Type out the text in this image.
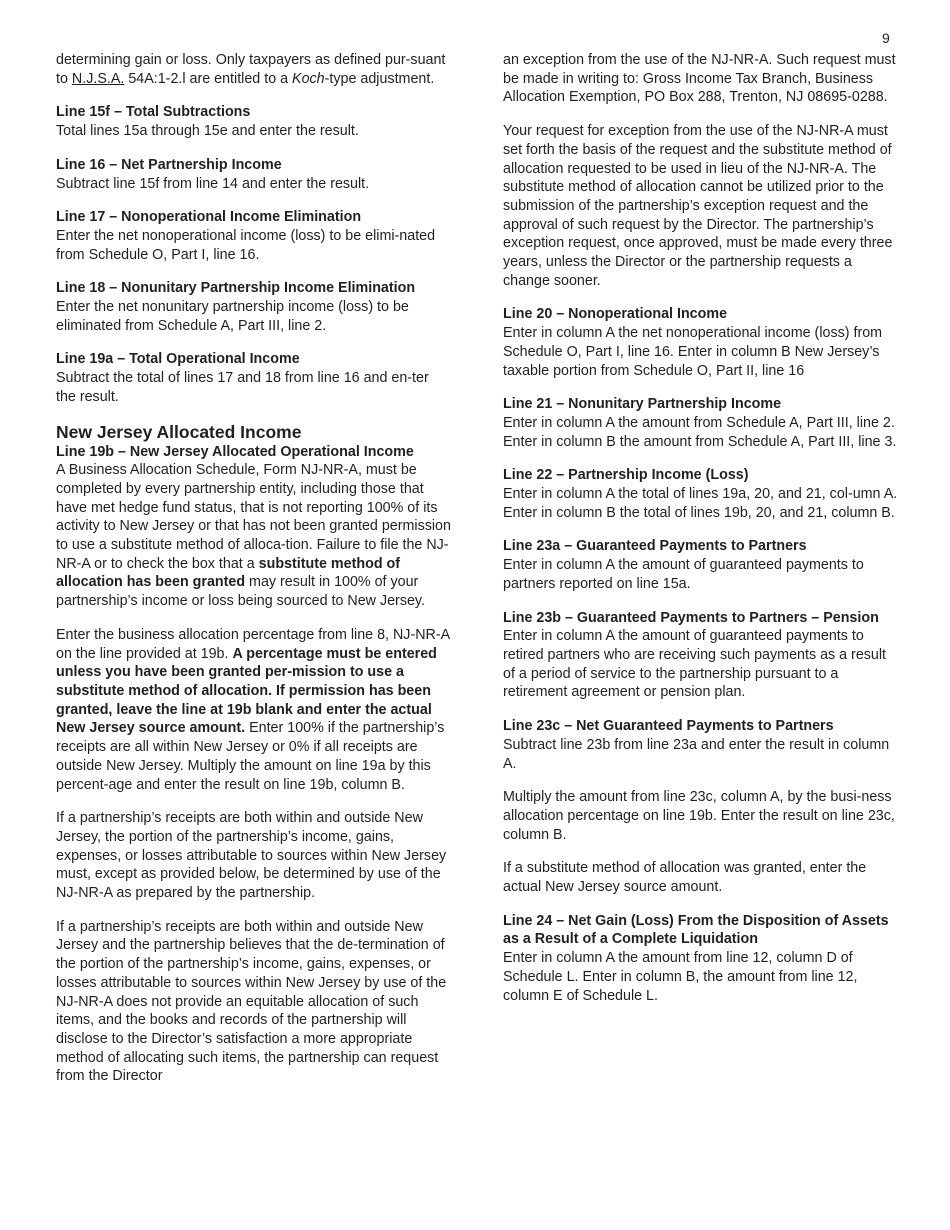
9

determining gain or loss. Only taxpayers as defined pur-suant to N.J.S.A. 54A:1-2.l are entitled to a Koch-type adjustment.

Line 15f – Total Subtractions
Total lines 15a through 15e and enter the result.

Line 16 – Net Partnership Income
Subtract line 15f from line 14 and enter the result.

Line 17 – Nonoperational Income Elimination
Enter the net nonoperational income (loss) to be elimi-nated from Schedule O, Part I, line 16.

Line 18 – Nonunitary Partnership Income Elimination
Enter the net nonunitary partnership income (loss) to be eliminated from Schedule A, Part III, line 2.

Line 19a – Total Operational Income
Subtract the total of lines 17 and 18 from line 16 and en-ter the result.

New Jersey Allocated Income

Line 19b – New Jersey Allocated Operational Income
A Business Allocation Schedule, Form NJ-NR-A, must be completed by every partnership entity, including those that have met hedge fund status, that is not reporting 100% of its activity to New Jersey or that has not been granted permission to use a substitute method of alloca-tion. Failure to file the NJ-NR-A or to check the box that a substitute method of allocation has been granted may result in 100% of your partnership’s income or loss being sourced to New Jersey.

Enter the business allocation percentage from line 8, NJ-NR-A on the line provided at 19b. A percentage must be entered unless you have been granted per-mission to use a substitute method of allocation. If permission has been granted, leave the line at 19b blank and enter the actual New Jersey source amount. Enter 100% if the partnership’s receipts are all within New Jersey or 0% if all receipts are outside New Jersey. Multiply the amount on line 19a by this percent-age and enter the result on line 19b, column B.

If a partnership’s receipts are both within and outside New Jersey, the portion of the partnership’s income, gains, expenses, or losses attributable to sources within New Jersey must, except as provided below, be determined by use of the NJ-NR-A as prepared by the partnership.

If a partnership’s receipts are both within and outside New Jersey and the partnership believes that the de-termination of the portion of the partnership’s income, gains, expenses, or losses attributable to sources within New Jersey by use of the NJ-NR-A does not provide an equitable allocation of such items, and the books and records of the partnership will disclose to the Director’s satisfaction a more appropriate method of allocating such items, the partnership can request from the Director

an exception from the use of the NJ-NR-A. Such request must be made in writing to: Gross Income Tax Branch, Business Allocation Exemption, PO Box 288, Trenton, NJ 08695-0288.

Your request for exception from the use of the NJ-NR-A must set forth the basis of the request and the substitute method of allocation requested to be used in lieu of the NJ-NR-A. The substitute method of allocation cannot be utilized prior to the submission of the partnership’s exception request and the approval of such request by the Director. The partnership’s exception request, once approved, must be made every three years, unless the Director or the partnership requests a change sooner.

Line 20 – Nonoperational Income
Enter in column A the net nonoperational income (loss) from Schedule O, Part I, line 16. Enter in column B New Jersey’s taxable portion from Schedule O, Part II, line 16

Line 21 – Nonunitary Partnership Income
Enter in column A the amount from Schedule A, Part III, line 2. Enter in column B the amount from Schedule A, Part III, line 3.

Line 22 – Partnership Income (Loss)
Enter in column A the total of lines 19a, 20, and 21, col-umn A. Enter in column B the total of lines 19b, 20, and 21, column B.

Line 23a – Guaranteed Payments to Partners
Enter in column A the amount of guaranteed payments to partners reported on line 15a.

Line 23b – Guaranteed Payments to Partners – Pension
Enter in column A the amount of guaranteed payments to retired partners who are receiving such payments as a result of a period of service to the partnership pursuant to a retirement agreement or pension plan.

Line 23c – Net Guaranteed Payments to Partners
Subtract line 23b from line 23a and enter the result in column A.

Multiply the amount from line 23c, column A, by the busi-ness allocation percentage on line 19b. Enter the result on line 23c, column B.

If a substitute method of allocation was granted, enter the actual New Jersey source amount.

Line 24 – Net Gain (Loss) From the Disposition of Assets as a Result of a Complete Liquidation
Enter in column A the amount from line 12, column D of Schedule L. Enter in column B, the amount from line 12, column E of Schedule L.
